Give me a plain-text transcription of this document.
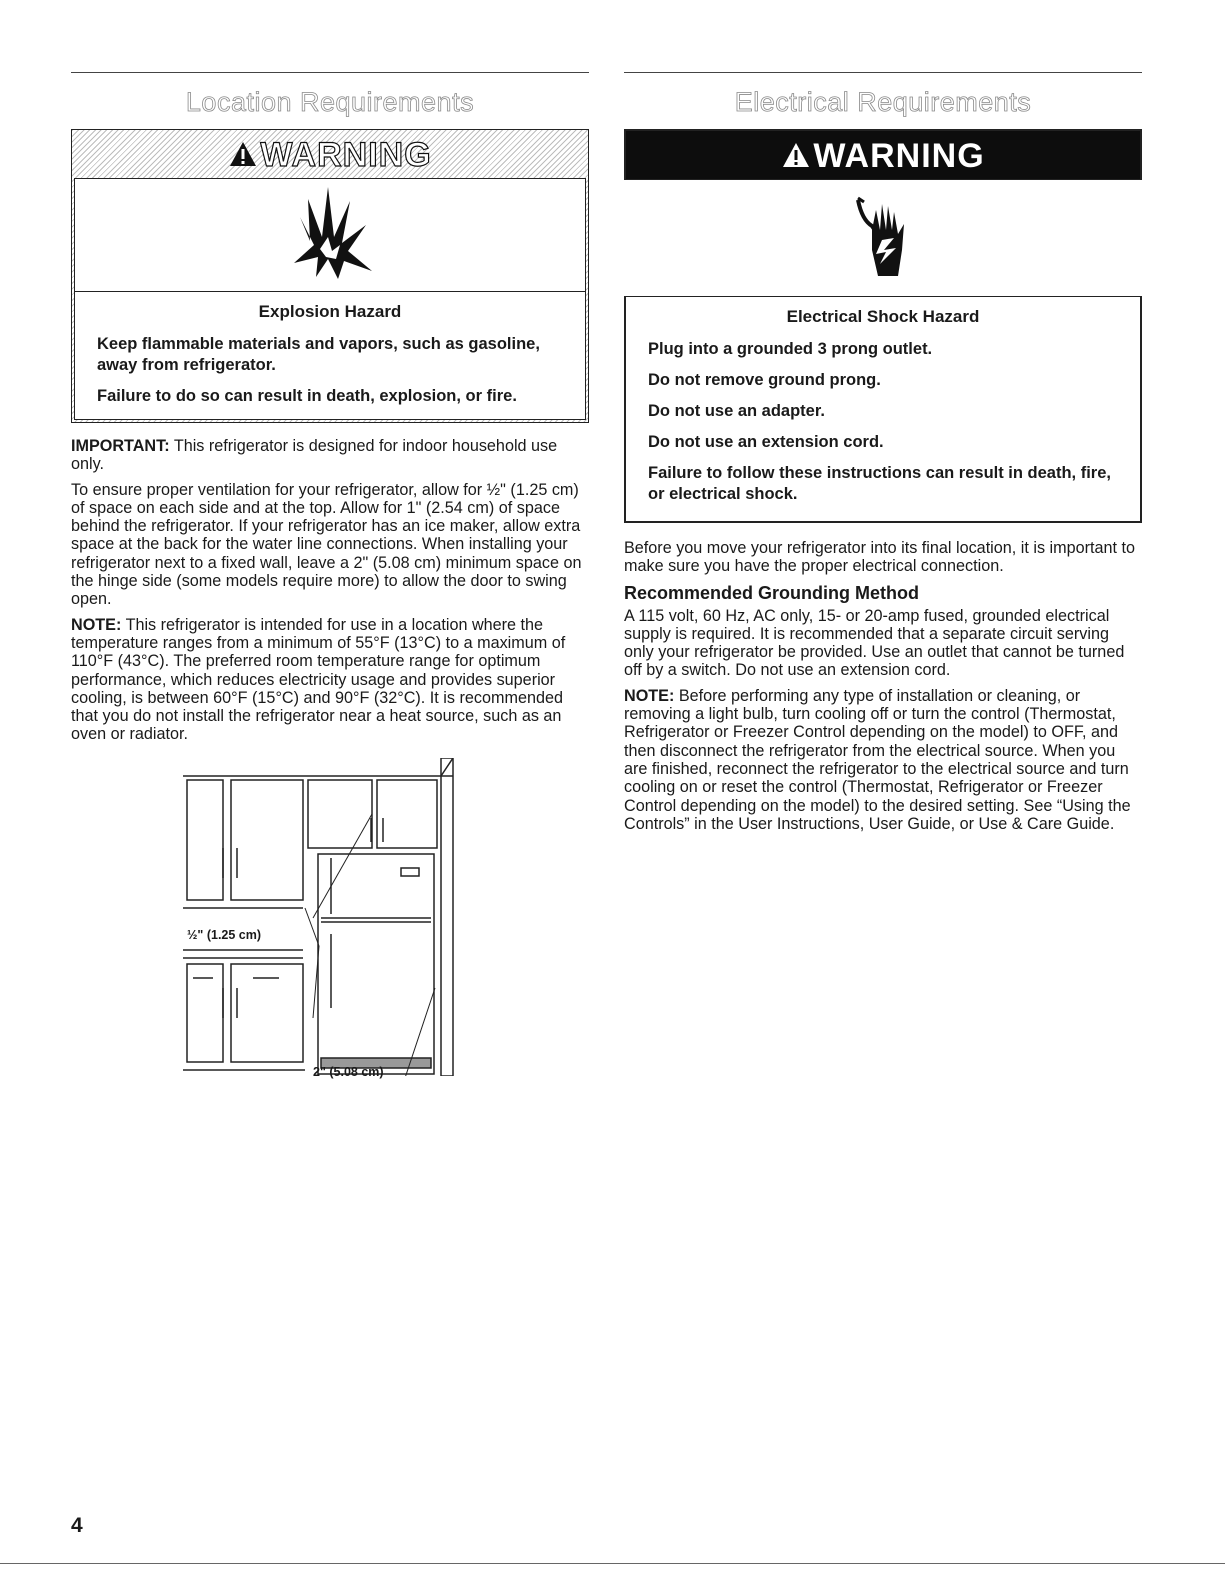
Location Requirements
WARNING
Explosion Hazard
Keep flammable materials and vapors, such as gasoline, away from refrigerator.
Failure to do so can result in death, explosion, or fire.

IMPORTANT: This refrigerator is designed for indoor household use only.

To ensure proper ventilation for your refrigerator, allow for ½" (1.25 cm) of space on each side and at the top. Allow for 1" (2.54 cm) of space behind the refrigerator. If your refrigerator has an ice maker, allow extra space at the back for the water line connections. When installing your refrigerator next to a fixed wall, leave a 2" (5.08 cm) minimum space on the hinge side (some models require more) to allow the door to swing open.

NOTE: This refrigerator is intended for use in a location where the temperature ranges from a minimum of 55°F (13°C) to a maximum of 110°F (43°C). The preferred room temperature range for optimum performance, which reduces electricity usage and provides superior cooling, is between 60°F (15°C) and 90°F (32°C). It is recommended that you do not install the refrigerator near a heat source, such as an oven or radiator.

½" (1.25 cm)
2" (5.08 cm)
Electrical Requirements
WARNING
Electrical Shock Hazard
Plug into a grounded 3 prong outlet.
Do not remove ground prong.
Do not use an adapter.
Do not use an extension cord.
Failure to follow these instructions can result in death, fire, or electrical shock.

Before you move your refrigerator into its final location, it is important to make sure you have the proper electrical connection.

Recommended Grounding Method

A 115 volt, 60 Hz, AC only, 15- or 20-amp fused, grounded electrical supply is required. It is recommended that a separate circuit serving only your refrigerator be provided. Use an outlet that cannot be turned off by a switch. Do not use an extension cord.

NOTE: Before performing any type of installation or cleaning, or removing a light bulb, turn cooling off or turn the control (Thermostat, Refrigerator or Freezer Control depending on the model) to OFF, and then disconnect the refrigerator from the electrical source. When you are finished, reconnect the refrigerator to the electrical source and turn cooling on or reset the control (Thermostat, Refrigerator or Freezer Control depending on the model) to the desired setting. See “Using the Controls” in the User Instructions, User Guide, or Use & Care Guide.

4
